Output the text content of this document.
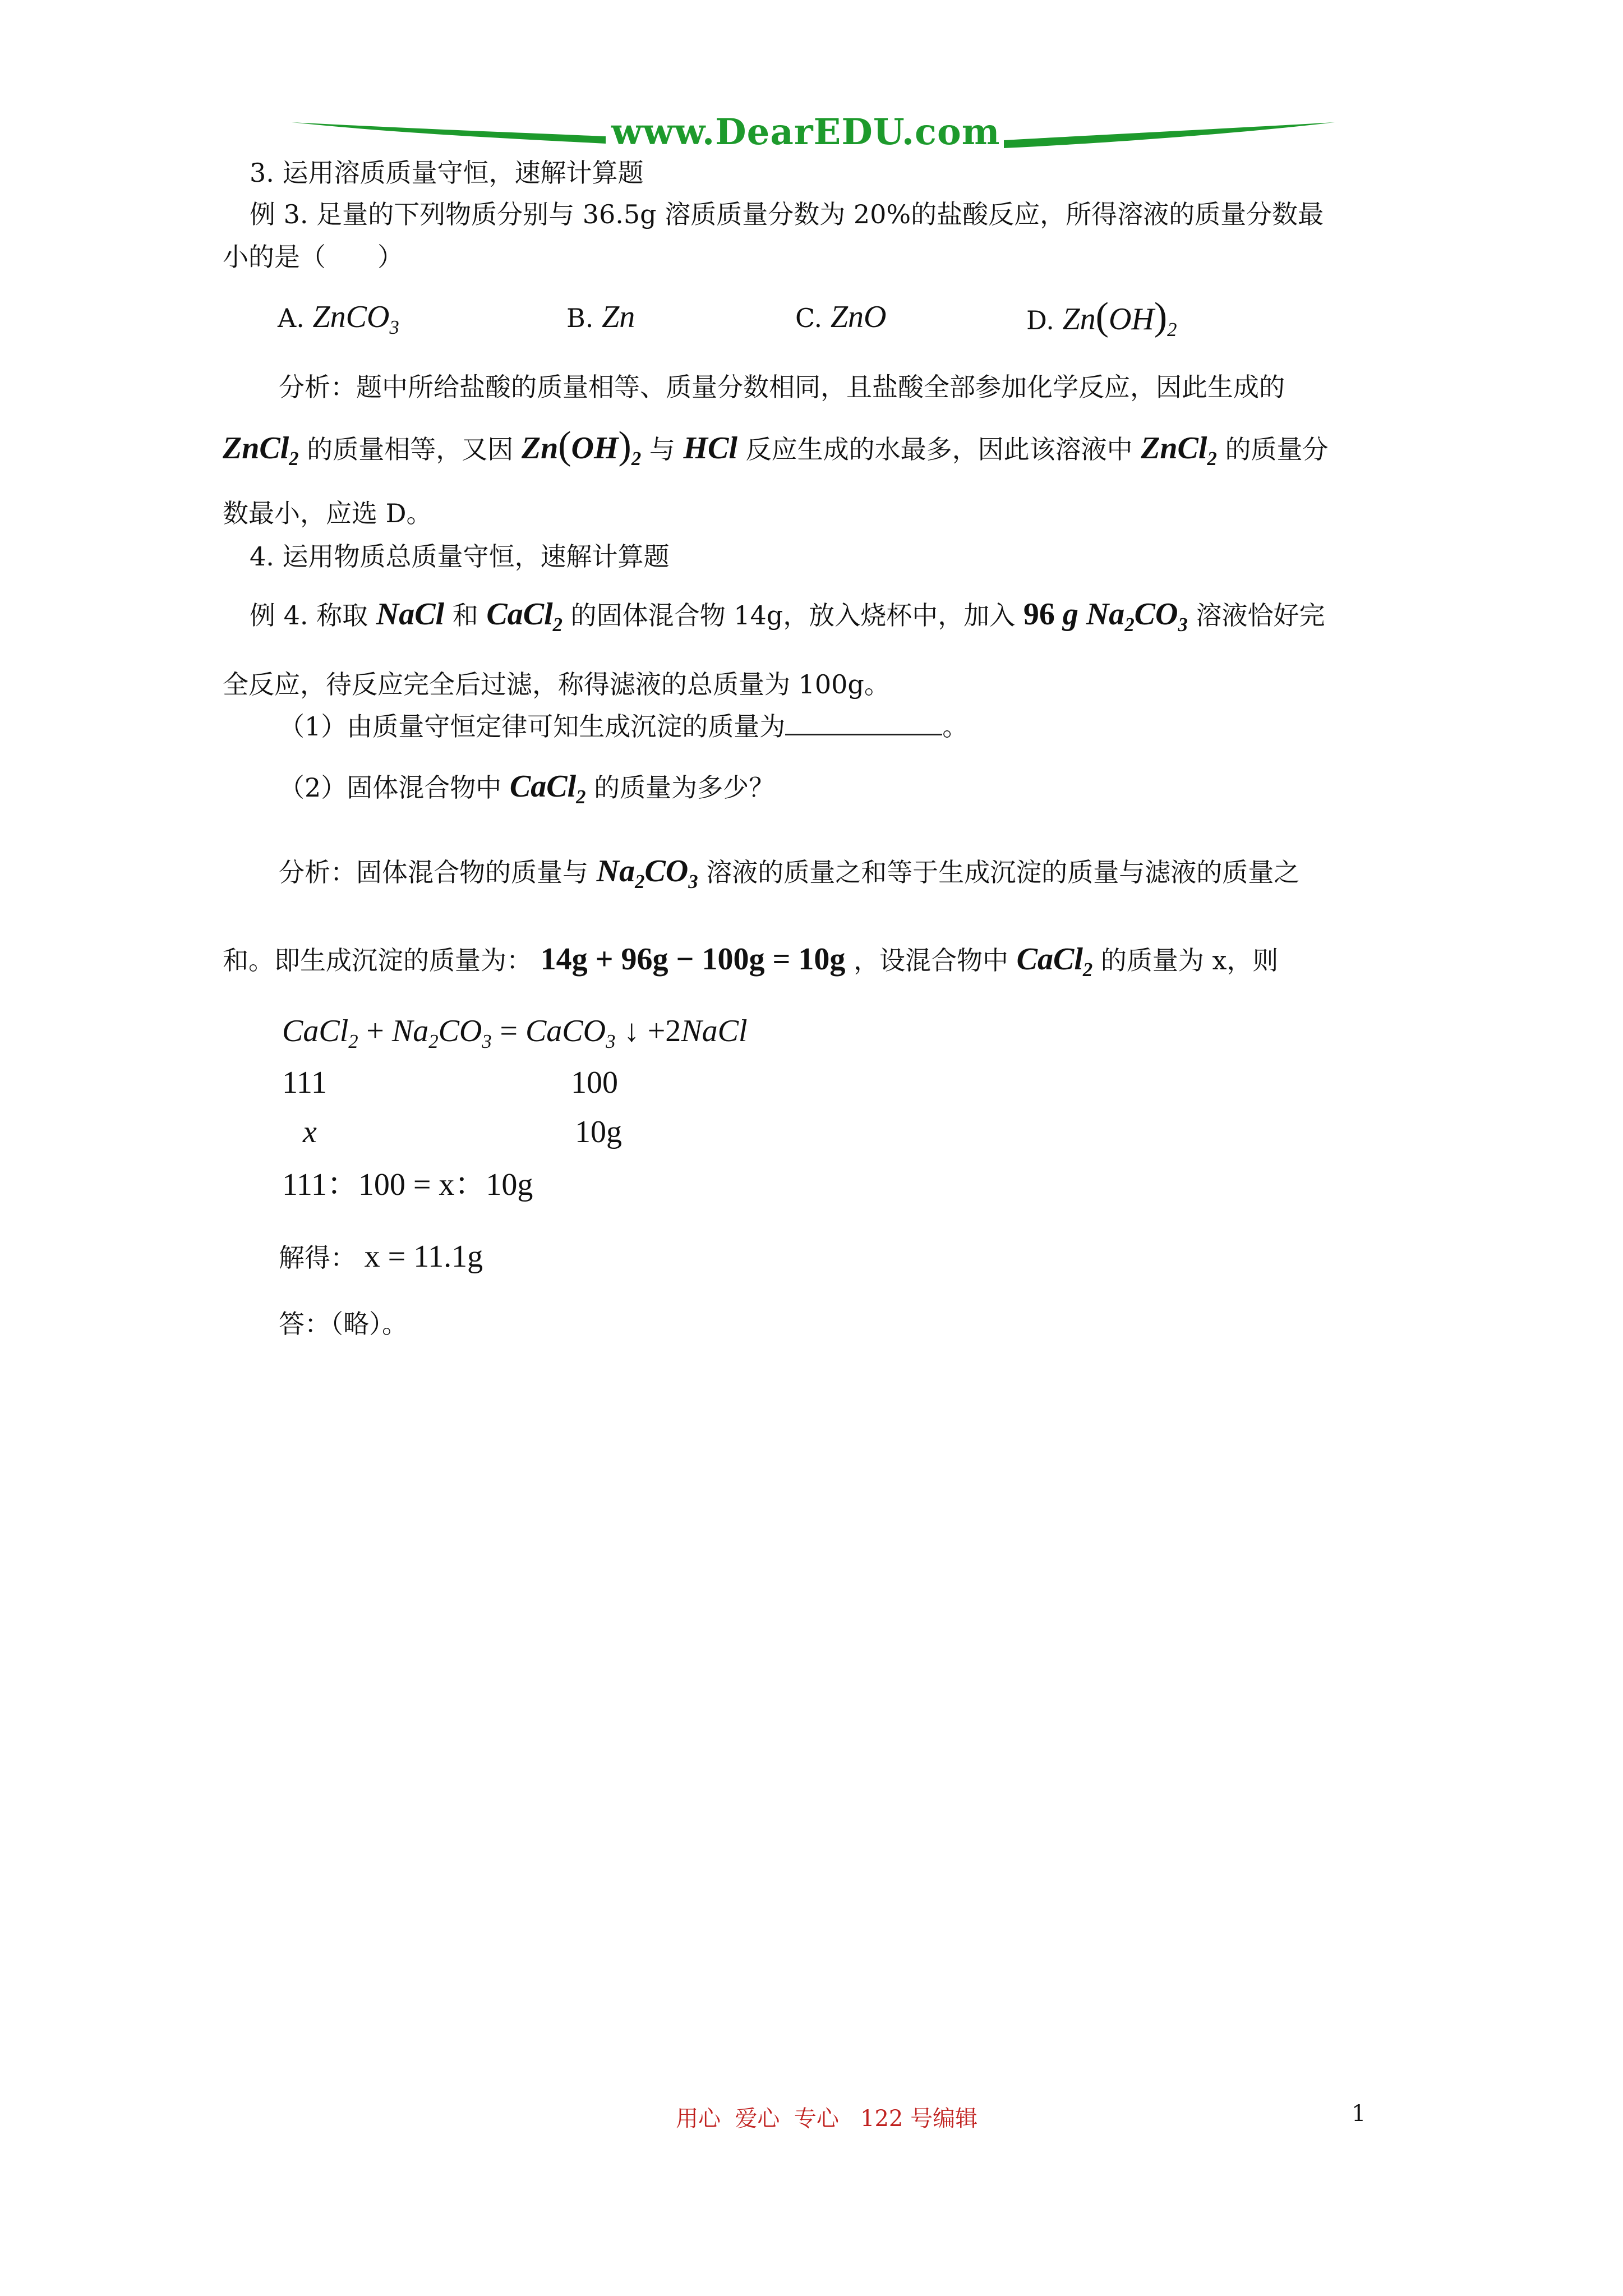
www.DearEDU.com
3. 运用溶质质量守恒，速解计算题
例 3. 足量的下列物质分别与 36.5g 溶质质量分数为 20%的盐酸反应，所得溶液的质量分数最
小的是（　　）
A. ZnCO$_3$	B. Zn	C. ZnO	D. $Zn(OH)_2$
分析：题中所给盐酸的质量相等、质量分数相同，且盐酸全部参加化学反应，因此生成的
ZnCl$_2$ 的质量相等，又因 $Zn(OH)_2$ 与 HCl 反应生成的水最多，因此该溶液中 ZnCl$_2$ 的质量分
数最小，应选 D。
4. 运用物质总质量守恒，速解计算题
例 4. 称取 NaCl 和 CaCl$_2$ 的固体混合物 14g，放入烧杯中，加入 96 g $Na_2CO_3$ 溶液恰好完
全反应，待反应完全后过滤，称得滤液的总质量为 100g。
（1）由质量守恒定律可知生成沉淀的质量为	。
（2）固体混合物中 CaCl$_2$ 的质量为多少？
分析：固体混合物的质量与 $Na_2CO_3$ 溶液的质量之和等于生成沉淀的质量与滤液的质量之
和。即生成沉淀的质量为： 14g + 96g − 100g = 10g ，设混合物中 CaCl$_2$ 的质量为 x，则
CaCl$_2$ + $Na_2CO_3$ = CaCO$_3$ ↓ +2NaCl
111	100
x	10g
111：100 = x：10g
解得： x = 11.1g
答：（略）。
用心  爱心  专心   122 号编辑	1
